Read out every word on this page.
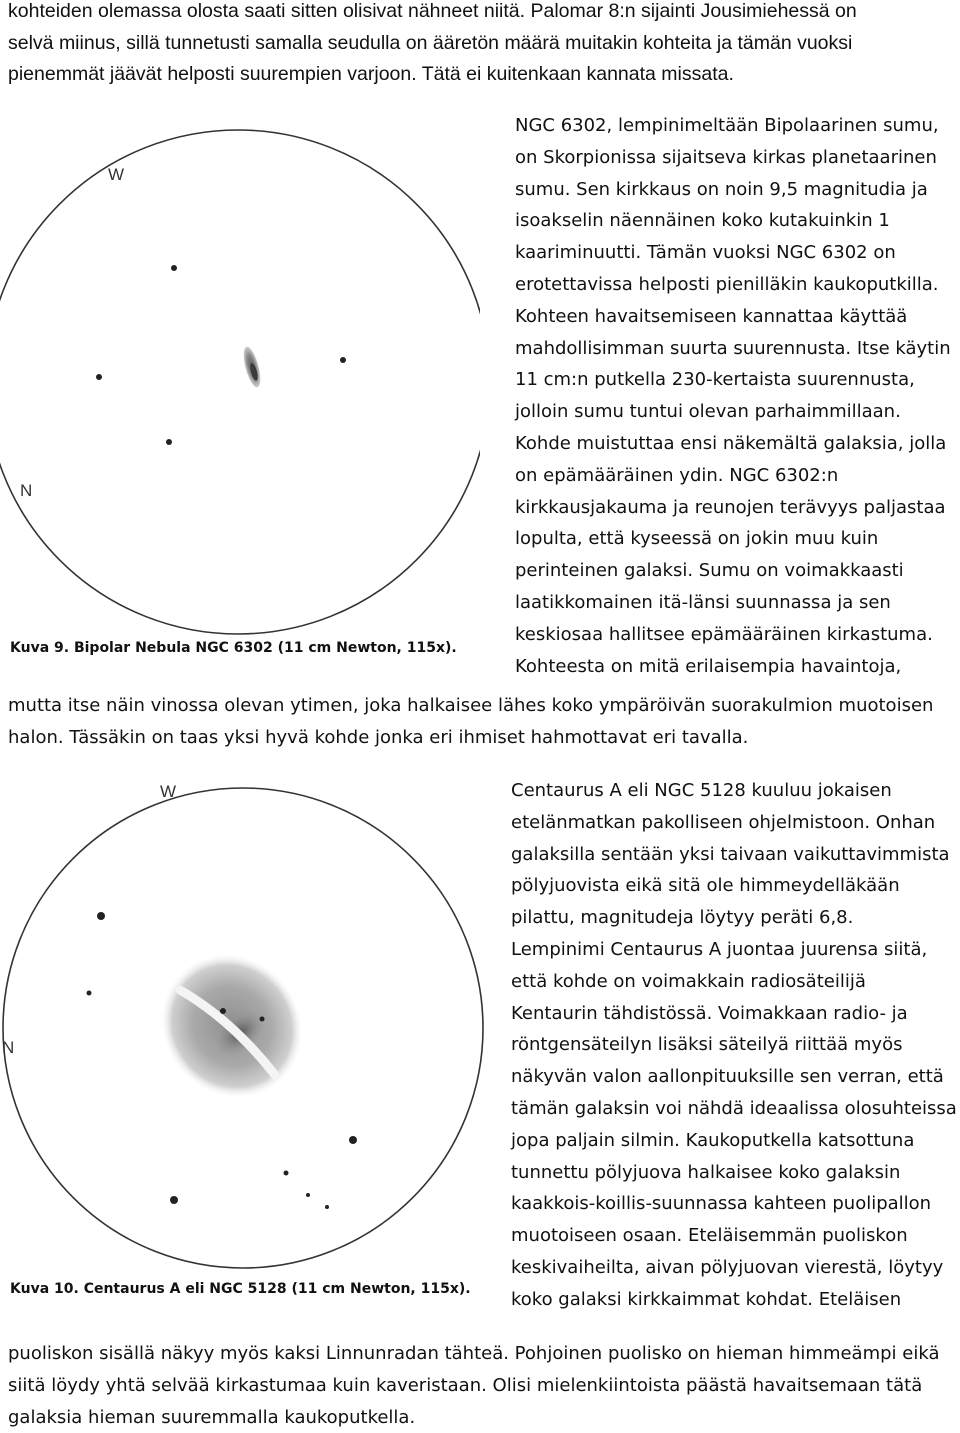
kohteiden olemassa olosta saati sitten olisivat nähneet niitä. Palomar 8:n sijainti Jousimiehessä on
selvä miinus, sillä tunnetusti samalla seudulla on ääretön määrä muitakin kohteita ja tämän vuoksi
pienemmät jäävät helposti suurempien varjoon. Tätä ei kuitenkaan kannata missata.
W
N
Kuva 9. Bipolar Nebula NGC 6302 (11 cm Newton, 115x).
NGC 6302, lempinimeltään Bipolaarinen sumu,
on Skorpionissa sijaitseva kirkas planetaarinen
sumu. Sen kirkkaus on noin 9,5 magnitudia ja
isoakselin näennäinen koko kutakuinkin 1
kaariminuutti. Tämän vuoksi NGC 6302 on
erotettavissa helposti pienilläkin kaukoputkilla.
Kohteen havaitsemiseen kannattaa käyttää
mahdollisimman suurta suurennusta. Itse käytin
11 cm:n putkella 230-kertaista suurennusta,
jolloin sumu tuntui olevan parhaimmillaan.
Kohde muistuttaa ensi näkemältä galaksia, jolla
on epämääräinen ydin. NGC 6302:n
kirkkausjakauma ja reunojen terävyys paljastaa
lopulta, että kyseessä on jokin muu kuin
perinteinen galaksi. Sumu on voimakkaasti
laatikkomainen itä-länsi suunnassa ja sen
keskiosaa hallitsee epämääräinen kirkastuma.
Kohteesta on mitä erilaisempia havaintoja,
mutta itse näin vinossa olevan ytimen, joka halkaisee lähes koko ympäröivän suorakulmion muotoisen
halon. Tässäkin on taas yksi hyvä kohde jonka eri ihmiset hahmottavat eri tavalla.
W
N
Kuva 10. Centaurus A eli NGC 5128 (11 cm Newton, 115x).
Centaurus A eli NGC 5128 kuuluu jokaisen
etelänmatkan pakolliseen ohjelmistoon. Onhan
galaksilla sentään yksi taivaan vaikuttavimmista
pölyjuovista eikä sitä ole himmeydelläkään
pilattu, magnitudeja löytyy peräti 6,8.
Lempinimi Centaurus A juontaa juurensa siitä,
että kohde on voimakkain radiosäteilijä
Kentaurin tähdistössä. Voimakkaan radio- ja
röntgensäteilyn lisäksi säteilyä riittää myös
näkyvän valon aallonpituuksille sen verran, että
tämän galaksin voi nähdä ideaalissa olosuhteissa
jopa paljain silmin. Kaukoputkella katsottuna
tunnettu pölyjuova halkaisee koko galaksin
kaakkois-koillis-suunnassa kahteen puolipallon
muotoiseen osaan. Eteläisemmän puoliskon
keskivaiheilta, aivan pölyjuovan vierestä, löytyy
koko galaksi kirkkaimmat kohdat. Eteläisen
puoliskon sisällä näkyy myös kaksi Linnunradan tähteä. Pohjoinen puolisko on hieman himmeämpi eikä
siitä löydy yhtä selvää kirkastumaa kuin kaveristaan. Olisi mielenkiintoista päästä havaitsemaan tätä
galaksia hieman suuremmalla kaukoputkella.
